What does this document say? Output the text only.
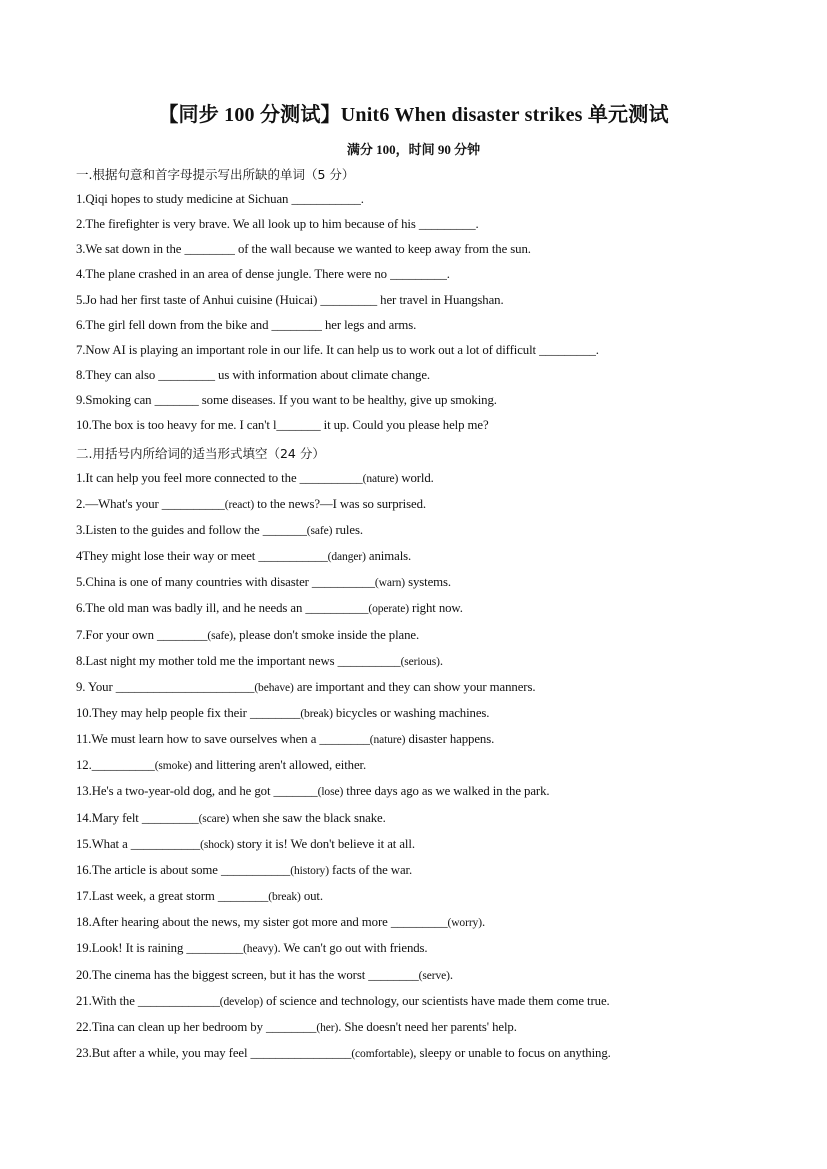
【同步 100 分测试】Unit6 When disaster strikes 单元测试
满分 100，时间 90 分钟
一.根据句意和首字母提示写出所缺的单词（5 分）
1.Qiqi hopes to study medicine at Sichuan ___________.
2.The firefighter is very brave. We all look up to him because of his _________.
3.We sat down in the ________ of the wall because we wanted to keep away from the sun.
4.The plane crashed in an area of dense jungle. There were no _________.
5.Jo had her first taste of Anhui cuisine (Huicai) _________ her travel in Huangshan.
6.The girl fell down from the bike and ________ her legs and arms.
7.Now AI is playing an important role in our life. It can help us to work out a lot of difficult _________.
8.They can also _________ us with information about climate change.
9.Smoking can _______ some diseases. If you want to be healthy, give up smoking.
10.The box is too heavy for me. I can't l_______ it up. Could you please help me?
二.用括号内所给词的适当形式填空（24 分）
1.It can help you feel more connected to the __________(nature) world.
2.—What's your __________(react) to the news?—I was so surprised.
3.Listen to the guides and follow the _______(safe) rules.
4They might lose their way or meet ___________(danger) animals.
5.China is one of many countries with disaster __________(warn) systems.
6.The old man was badly ill, and he needs an __________(operate) right now.
7.For your own ________(safe), please don't smoke inside the plane.
8.Last night my mother told me the important news __________(serious).
9. Your ______________________(behave) are important and they can show your manners.
10.They may help people fix their ________(break) bicycles or washing machines.
11.We must learn how to save ourselves when a ________(nature) disaster happens.
12.__________(smoke) and littering aren't allowed, either.
13.He's a two-year-old dog, and he got _______(lose) three days ago as we walked in the park.
14.Mary felt _________(scare) when she saw the black snake.
15.What a ___________(shock) story it is! We don't believe it at all.
16.The article is about some ___________(history) facts of the war.
17.Last week, a great storm ________(break) out.
18.After hearing about the news, my sister got more and more _________(worry).
19.Look! It is raining _________(heavy). We can't go out with friends.
20.The cinema has the biggest screen, but it has the worst ________(serve).
21.With the _____________(develop) of science and technology, our scientists have made them come true.
22.Tina can clean up her bedroom by ________(her). She doesn't need her parents' help.
23.But after a while, you may feel ________________(comfortable), sleepy or unable to focus on anything.
